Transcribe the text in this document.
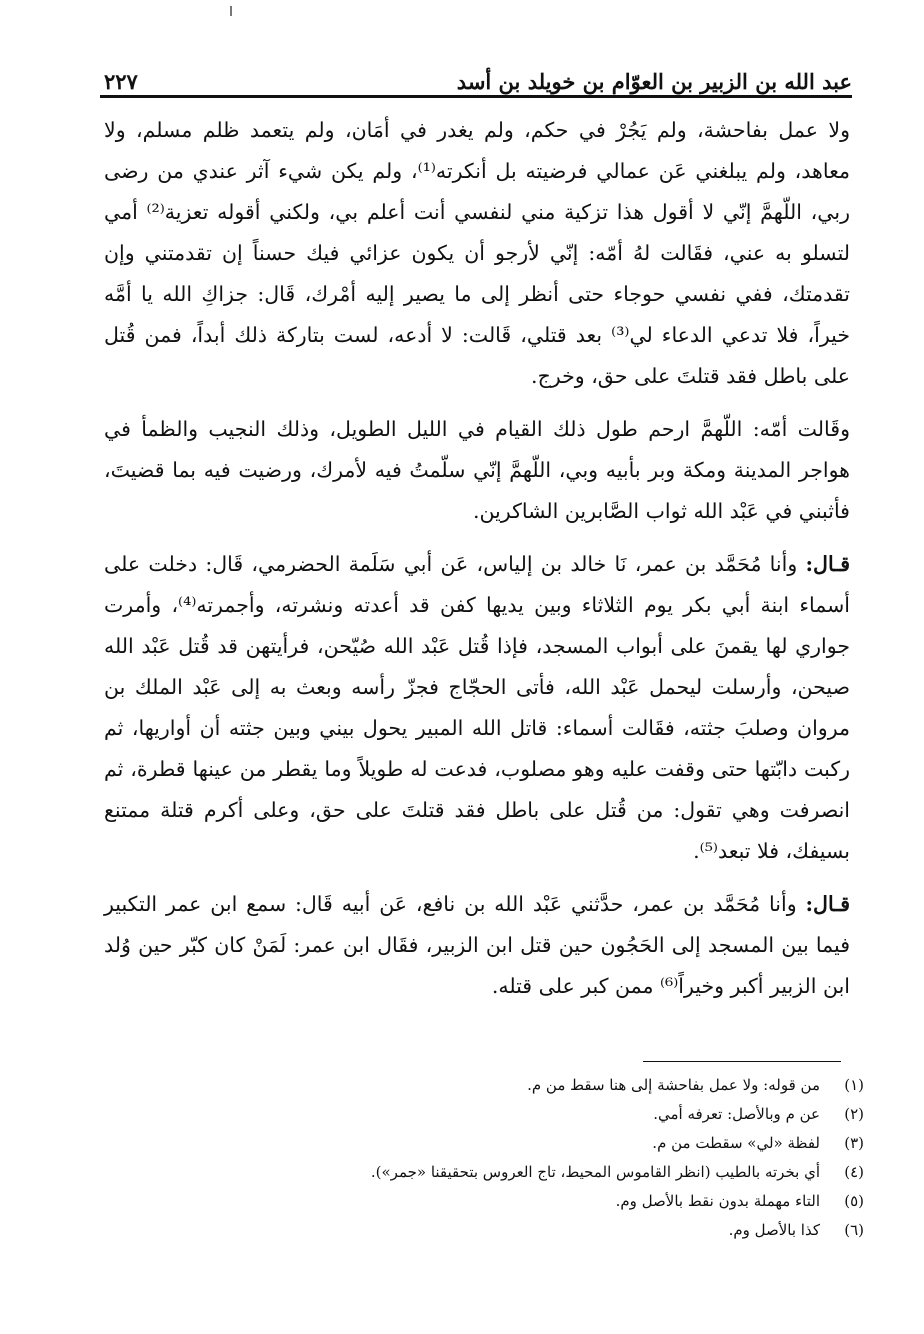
عبد الله بن الزبير بن العوّام بن خويلد بن أسد
٢٢٧

ولا عمل بفاحشة، ولم يَجُرْ في حكم، ولم يغدر في أمَان، ولم يتعمد ظلم مسلم، ولا معاهد، ولم يبلغني عَن عمالي فرضيته بل أنكرته⁽¹⁾، ولم يكن شيء آثر عندي من رضى ربي، اللّهمَّ إنّي لا أقول هذا تزكية مني لنفسي أنت أعلم بي، ولكني أقوله تعزية⁽²⁾ أمي لتسلو به عني، فقَالت لهُ أمّه: إنّي لأرجو أن يكون عزائي فيك حسناً إن تقدمتني وإن تقدمتك، ففي نفسي حوجاء حتى أنظر إلى ما يصير إليه أمْرك، قَال: جزاكِ الله يا أمَّه خيراً، فلا تدعي الدعاء لي⁽³⁾ بعد قتلي، قَالت: لا أدعه، لست بتاركة ذلك أبداً، فمن قُتل على باطل فقد قتلتَ على حق، وخرج.

وقَالت أمّه: اللّهمَّ ارحم طول ذلك القيام في الليل الطويل، وذلك النجيب والظمأ في هواجر المدينة ومكة وبر بأبيه وبي، اللّهمَّ إنّي سلّمتُ فيه لأمرك، ورضيت فيه بما قضيتَ، فأثبني في عَبْد الله ثواب الصَّابرين الشاكرين.

قـال: وأنا مُحَمَّد بن عمر، نَا خالد بن إلياس، عَن أبي سَلَمة الحضرمي، قَال: دخلت على أسماء ابنة أبي بكر يوم الثلاثاء وبين يديها كفن قد أعدته ونشرته، وأجمرته⁽⁴⁾، وأمرت جواري لها يقمنَ على أبواب المسجد، فإذا قُتل عَبْد الله صُيّحن، فرأيتهن قد قُتل عَبْد الله صيحن، وأرسلت ليحمل عَبْد الله، فأتى الحجّاج فجزّ رأسه وبعث به إلى عَبْد الملك بن مروان وصلبَ جثته، فقَالت أسماء: قاتل الله المبير يحول بيني وبين جثته أن أواريها، ثم ركبت دابّتها حتى وقفت عليه وهو مصلوب، فدعت له طويلاً وما يقطر من عينها قطرة، ثم انصرفت وهي تقول: من قُتل على باطل فقد قتلتَ على حق، وعلى أكرم قتلة ممتنع بسيفك، فلا تبعد⁽⁵⁾.

قـال: وأنا مُحَمَّد بن عمر، حدَّثني عَبْد الله بن نافع، عَن أبيه قَال: سمع ابن عمر التكبير فيما بين المسجد إلى الحَجُون حين قتل ابن الزبير، فقَال ابن عمر: لَمَنْ كان كبّر حين وُلد ابن الزبير أكبر وخيراً⁽⁶⁾ ممن كبر على قتله.

(١)
من قوله: ولا عمل بفاحشة إلى هنا سقط من م.
(٢)
عن م وبالأصل: تعرفه أمي.
(٣)
لفظة «لي» سقطت من م.
(٤)
أي بخرته بالطيب (انظر القاموس المحيط، تاج العروس بتحقيقنا «جمر»).
(٥)
التاء مهملة بدون نقط بالأصل وم.
(٦)
كذا بالأصل وم.
